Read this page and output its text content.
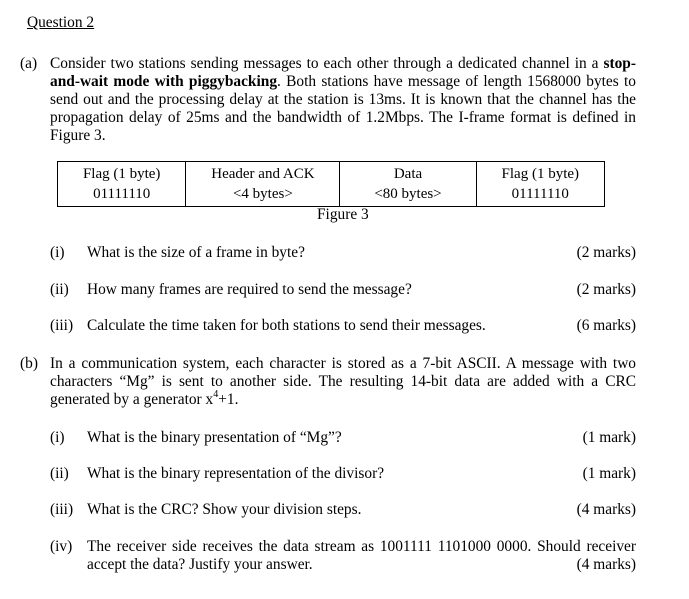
Question 2
(a) Consider two stations sending messages to each other through a dedicated channel in a stop-and-wait mode with piggybacking. Both stations have message of length 1568000 bytes to send out and the processing delay at the station is 13ms. It is known that the channel has the propagation delay of 25ms and the bandwidth of 1.2Mbps. The I-frame format is defined in Figure 3.
Flag (1 byte)
01111110

Header and ACK
<4 bytes>

Data
<80 bytes>

Flag (1 byte)
01111110
Figure 3
(i) What is the size of a frame in byte?	(2 marks)
(ii) How many frames are required to send the message?	(2 marks)
(iii) Calculate the time taken for both stations to send their messages.	(6 marks)
(b) In a communication system, each character is stored as a 7-bit ASCII. A message with two characters “Mg” is sent to another side. The resulting 14-bit data are added with a CRC generated by a generator $x^4+1$.
(i) What is the binary presentation of “Mg”?	(1 mark)
(ii) What is the binary representation of the divisor?	(1 mark)
(iii) What is the CRC? Show your division steps.	(4 marks)
(iv) The receiver side receives the data stream as 1001111 1101000 0000. Should receiver accept the data? Justify your answer.	(4 marks)
